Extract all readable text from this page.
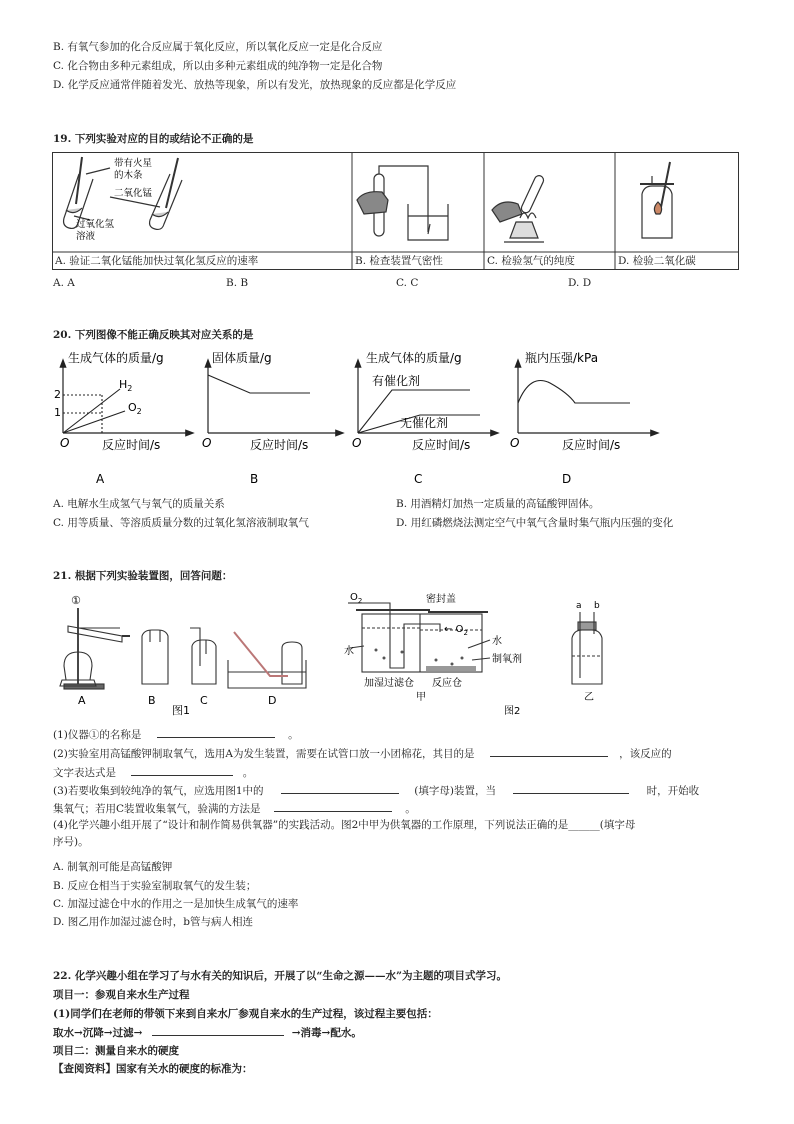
B. 有氧气参加的化合反应属于氧化反应，所以氧化反应一定是化合反应
C. 化合物由多种元素组成，所以由多种元素组成的纯净物一定是化合物
D. 化学反应通常伴随着发光、放热等现象，所以有发光，放热现象的反应都是化学反应
19. 下列实验对应的目的或结论不正确的是
带有火星
的木条
二氧化锰
过氧化氢
溶液
A. 验证二氧化锰能加快过氧化氢反应的速率	B. 检查装置气密性	C. 检验氢气的纯度	D. 检验二氧化碳
A. A	B. B	C. C	D. D
20. 下列图像不能正确反映其对应关系的是
2
1
$H_2$
$O_2$
有催化剂
无催化剂
生成气体的质量/g	固体质量/g	生成气体的质量/g	瓶内压强/kPa
反应时间/s	反应时间/s	反应时间/s	反应时间/s
O	O	O	O
A	B	C	D
A. 电解水生成氢气与氧气的质量关系	B. 用酒精灯加热一定质量的高锰酸钾固体。
C. 用等质量、等溶质质量分数的过氧化氢溶液制取氧气	D. 用红磷燃烧法测定空气中氧气含量时集气瓶内压强的变化
21. 根据下列实验装置图，回答问题：
①
A	B	C	D
图1
$O_2$	密封盖
← $O_2$
水
水
制氧剂
加湿过滤仓 反应仓
甲
图2
a b
乙
(1)仪器①的名称是	。
(2)实验室用高锰酸钾制取氧气，选用A为发生装置，需要在试管口放一小团棉花，其目的是	，该反应的
文字表达式是	。
(3)若要收集到较纯净的氧气，应选用图1中的	(填字母)装置，当	时，开始收
集氧气；若用C装置收集氧气，验满的方法是	。
(4)化学兴趣小组开展了“设计和制作简易供氧器”的实践活动。图2中甲为供氧器的工作原理，下列说法正确的是______(填字母
序号)。
A. 制氧剂可能是高锰酸钾
B. 反应仓相当于实验室制取氧气的发生装；
C. 加湿过滤仓中水的作用之一是加快生成氧气的速率
D. 图乙用作加湿过滤仓时，b管与病人相连
22. 化学兴趣小组在学习了与水有关的知识后，开展了以“生命之源——水”为主题的项目式学习。
项目一：参观自来水生产过程
(1)同学们在老师的带领下来到自来水厂参观自来水的生产过程，该过程主要包括：
取水→沉降→过滤→	→消毒→配水。
项目二：测量自来水的硬度
【查阅资料】国家有关水的硬度的标准为：
